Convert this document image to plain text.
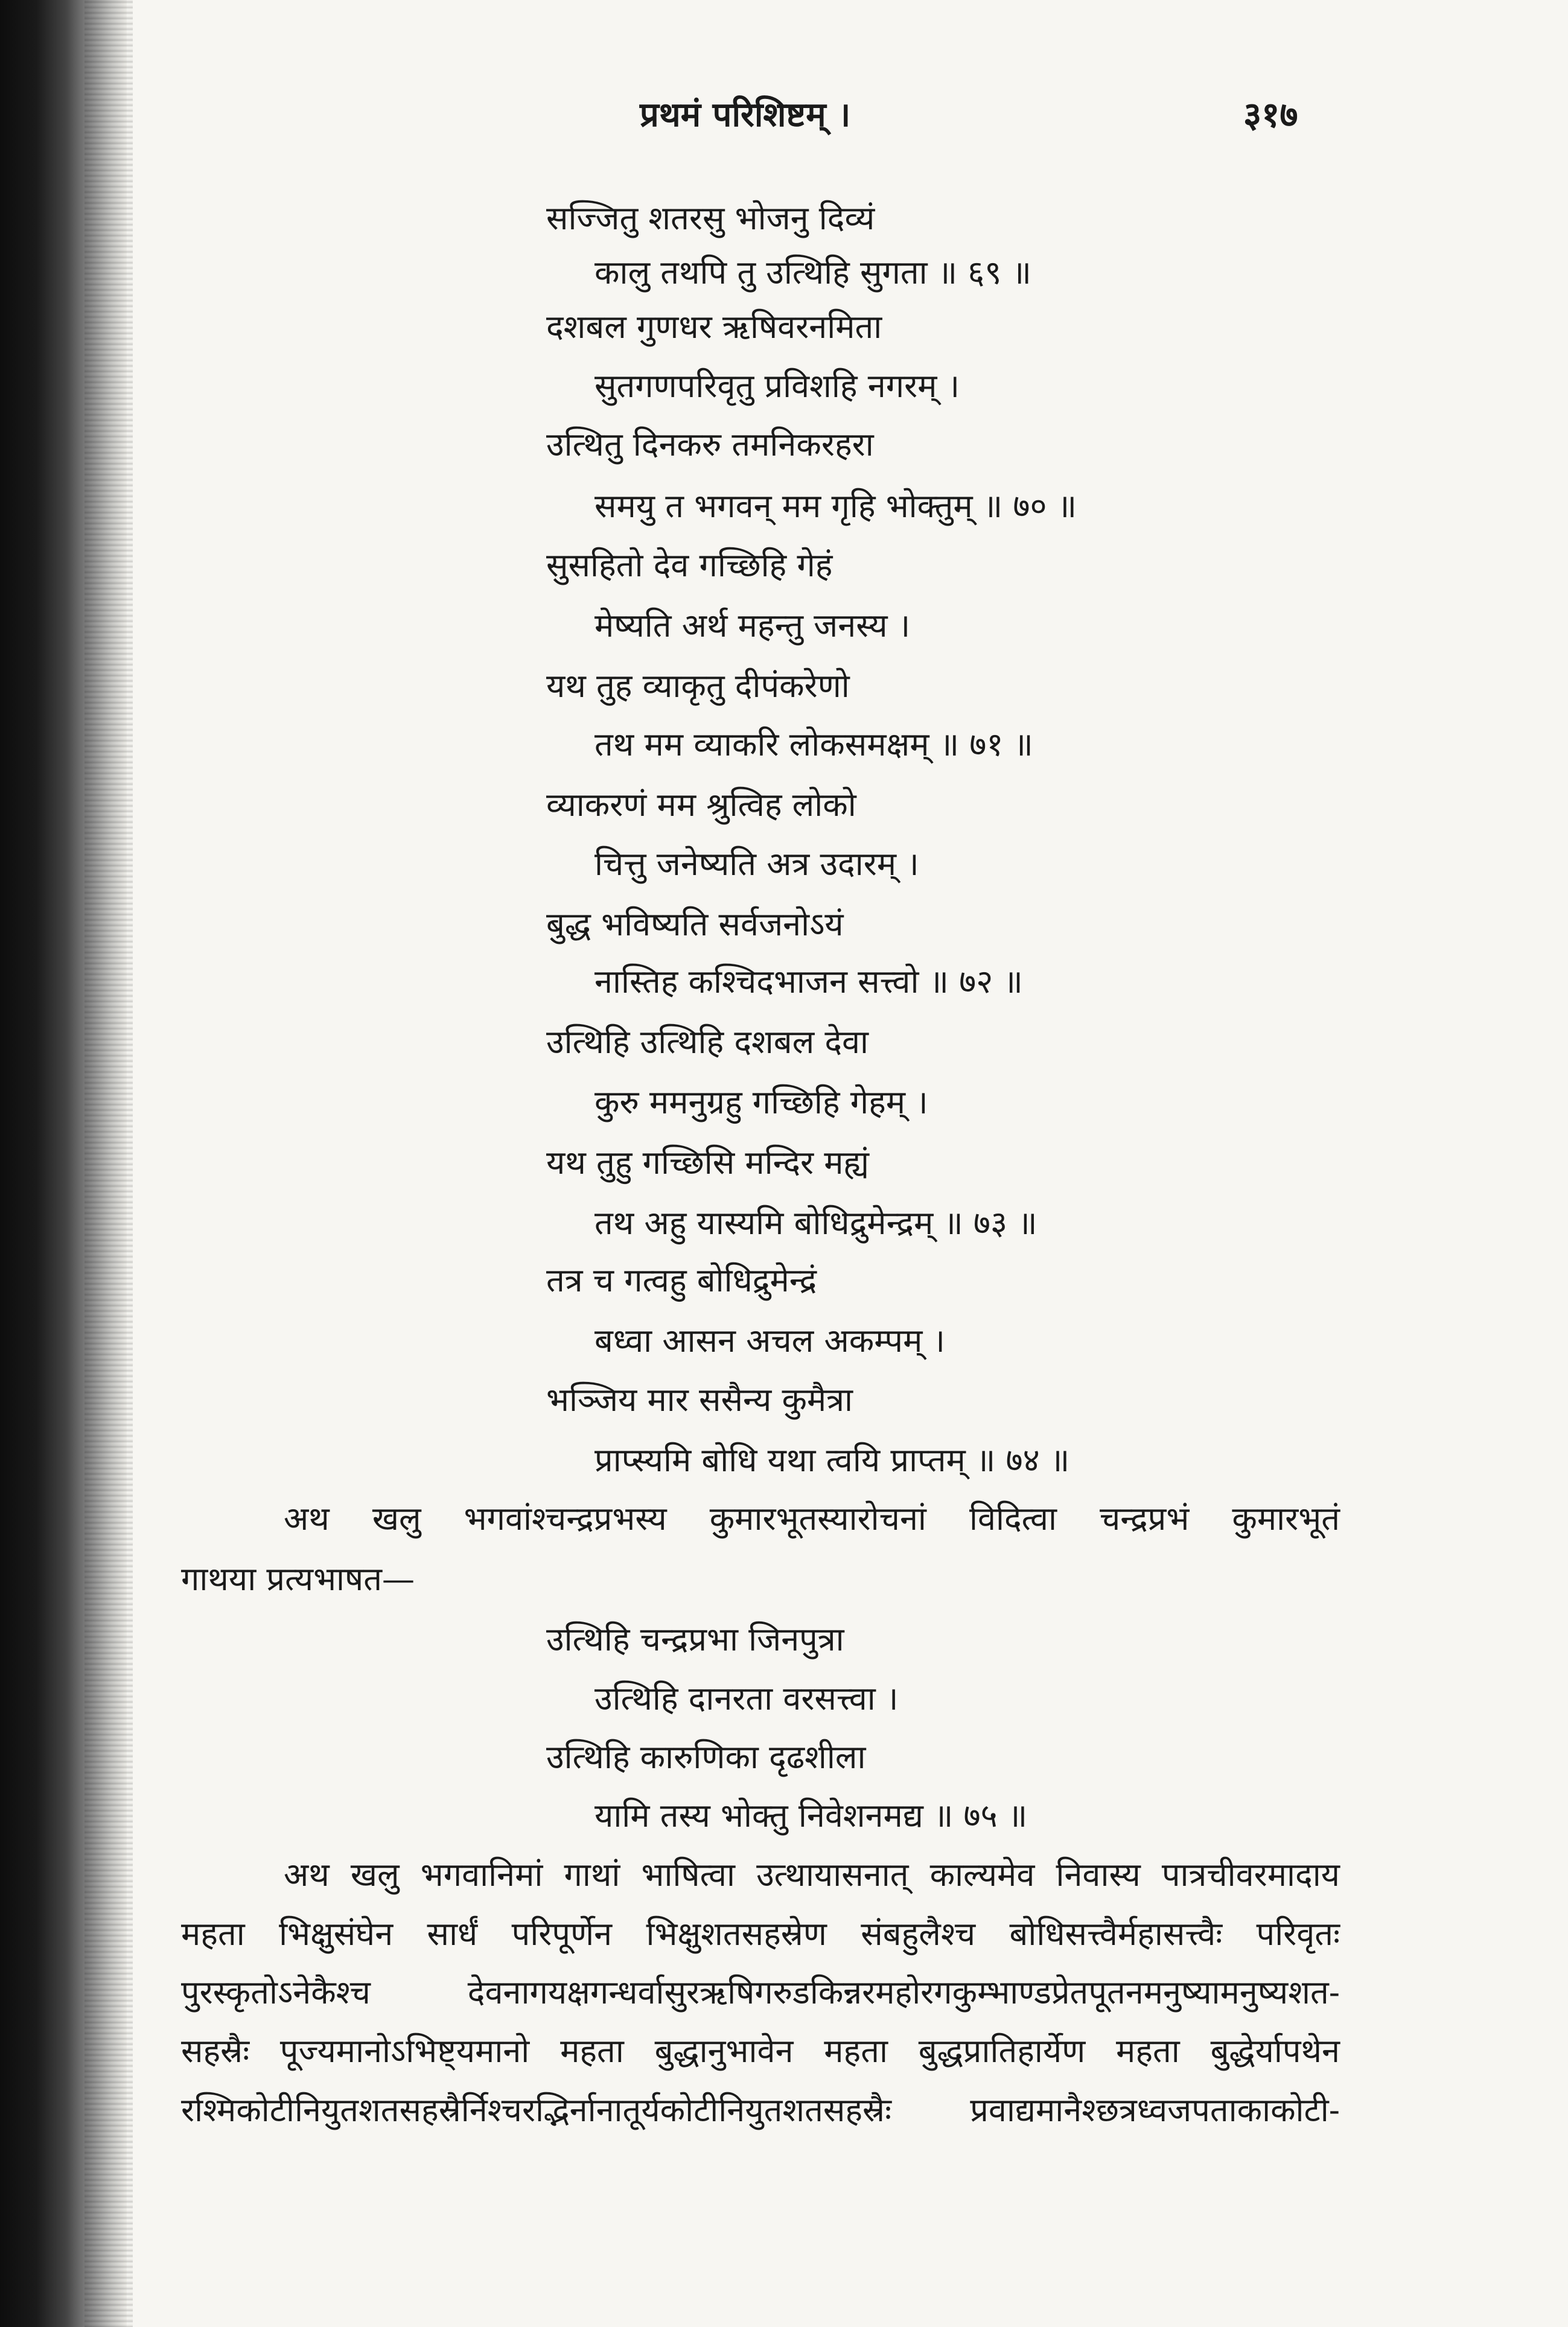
प्रथमं परिशिष्टम् ।	३१७
सज्जितु शतरसु भोजनु दिव्यं
कालु तथपि तु उत्थिहि सुगता ॥ ६९ ॥
दशबल गुणधर ऋषिवरनमिता
सुतगणपरिवृतु प्रविशहि नगरम् ।
उत्थितु दिनकरु तमनिकरहरा
समयु त भगवन् मम गृहि भोक्तुम् ॥ ७० ॥
सुसहितो देव गच्छिहि गेहं
मेष्यति अर्थ महन्तु जनस्य ।
यथ तुह व्याकृतु दीपंकरेणो
तथ मम व्याकरि लोकसमक्षम् ॥ ७१ ॥
व्याकरणं मम श्रुत्विह लोको
चित्तु जनेष्यति अत्र उदारम् ।
बुद्ध भविष्यति सर्वजनोऽयं
नास्तिह कश्चिदभाजन सत्त्वो ॥ ७२ ॥
उत्थिहि उत्थिहि दशबल देवा
कुरु ममनुग्रहु गच्छिहि गेहम् ।
यथ तुहु गच्छिसि मन्दिर मह्यं
तथ अहु यास्यमि बोधिद्रुमेन्द्रम् ॥ ७३ ॥
तत्र च गत्वहु बोधिद्रुमेन्द्रं
बध्वा आसन अचल अकम्पम् ।
भञ्जिय मार ससैन्य कुमैत्रा
प्राप्स्यमि बोधि यथा त्वयि प्राप्तम् ॥ ७४ ॥
अथ खलु भगवांश्चन्द्रप्रभस्य कुमारभूतस्यारोचनां विदित्वा चन्द्रप्रभं कुमारभूतं
गाथया प्रत्यभाषत—
उत्थिहि चन्द्रप्रभा जिनपुत्रा
उत्थिहि दानरता वरसत्त्वा ।
उत्थिहि कारुणिका दृढशीला
यामि तस्य भोक्तु निवेशनमद्य ॥ ७५ ॥
अथ खलु भगवानिमां गाथां भाषित्वा उत्थायासनात् काल्यमेव निवास्य पात्रचीवरमादाय
महता भिक्षुसंघेन सार्धं परिपूर्णेन भिक्षुशतसहस्रेण संबहुलैश्च बोधिसत्त्वैर्महासत्त्वैः परिवृतः
पुरस्कृतोऽनेकैश्च देवनागयक्षगन्धर्वासुरऋषिगरुडकिन्नरमहोरगकुम्भाण्डप्रेतपूतनमनुष्यामनुष्यशत-
सहस्रैः पूज्यमानोऽभिष्ट्यमानो महता बुद्धानुभावेन महता बुद्धप्रातिहार्येण महता बुद्धेर्यापथेन
रश्मिकोटीनियुतशतसहस्रैर्निश्चरद्भिर्नानातूर्यकोटीनियुतशतसहस्रैः प्रवाद्यमानैश्छत्रध्वजपताकाकोटी-
